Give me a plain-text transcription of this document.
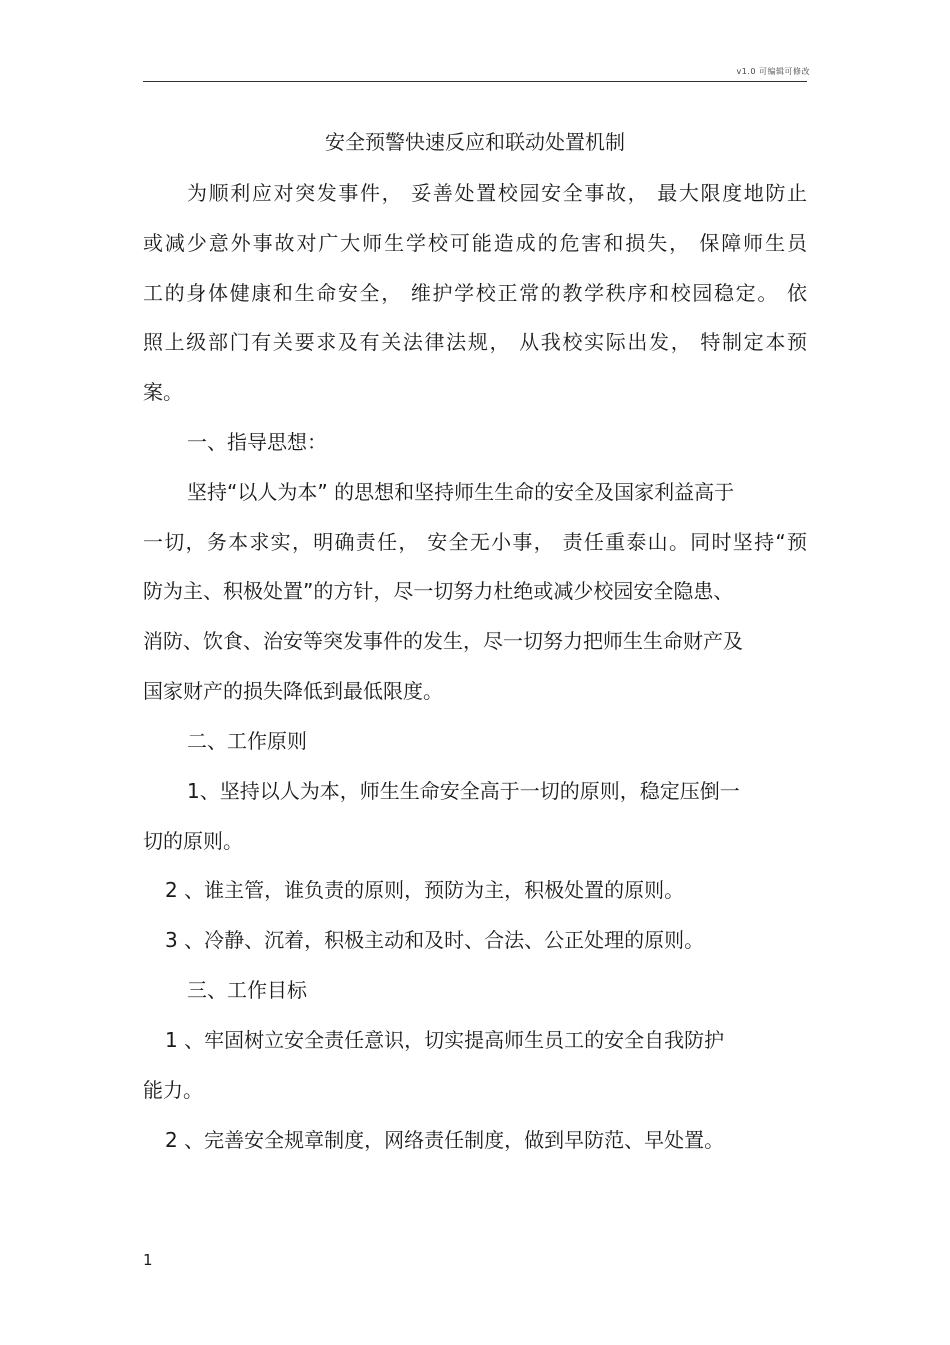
v1.0 可编辑可修改
安全预警快速反应和联动处置机制
为顺利应对突发事件， 妥善处置校园安全事故， 最大限度地防止
或减少意外事故对广大师生学校可能造成的危害和损失， 保障师生员
工的身体健康和生命安全， 维护学校正常的教学秩序和校园稳定。 依
照上级部门有关要求及有关法律法规， 从我校实际出发， 特制定本预
案。
一、指导思想：
坚持“以人为本” 的思想和坚持师生生命的安全及国家利益高于
一切，务本求实，明确责任， 安全无小事， 责任重泰山。同时坚持“预
防为主、积极处置”的方针，尽一切努力杜绝或减少校园安全隐患、
消防、饮食、治安等突发事件的发生，尽一切努力把师生生命财产及
国家财产的损失降低到最低限度。
二、工作原则
1、坚持以人为本，师生生命安全高于一切的原则，稳定压倒一
切的原则。
2 、谁主管，谁负责的原则，预防为主，积极处置的原则。
3 、冷静、沉着，积极主动和及时、合法、公正处理的原则。
三、工作目标
1 、牢固树立安全责任意识，切实提高师生员工的安全自我防护
能力。
2 、完善安全规章制度，网络责任制度，做到早防范、早处置。
1
